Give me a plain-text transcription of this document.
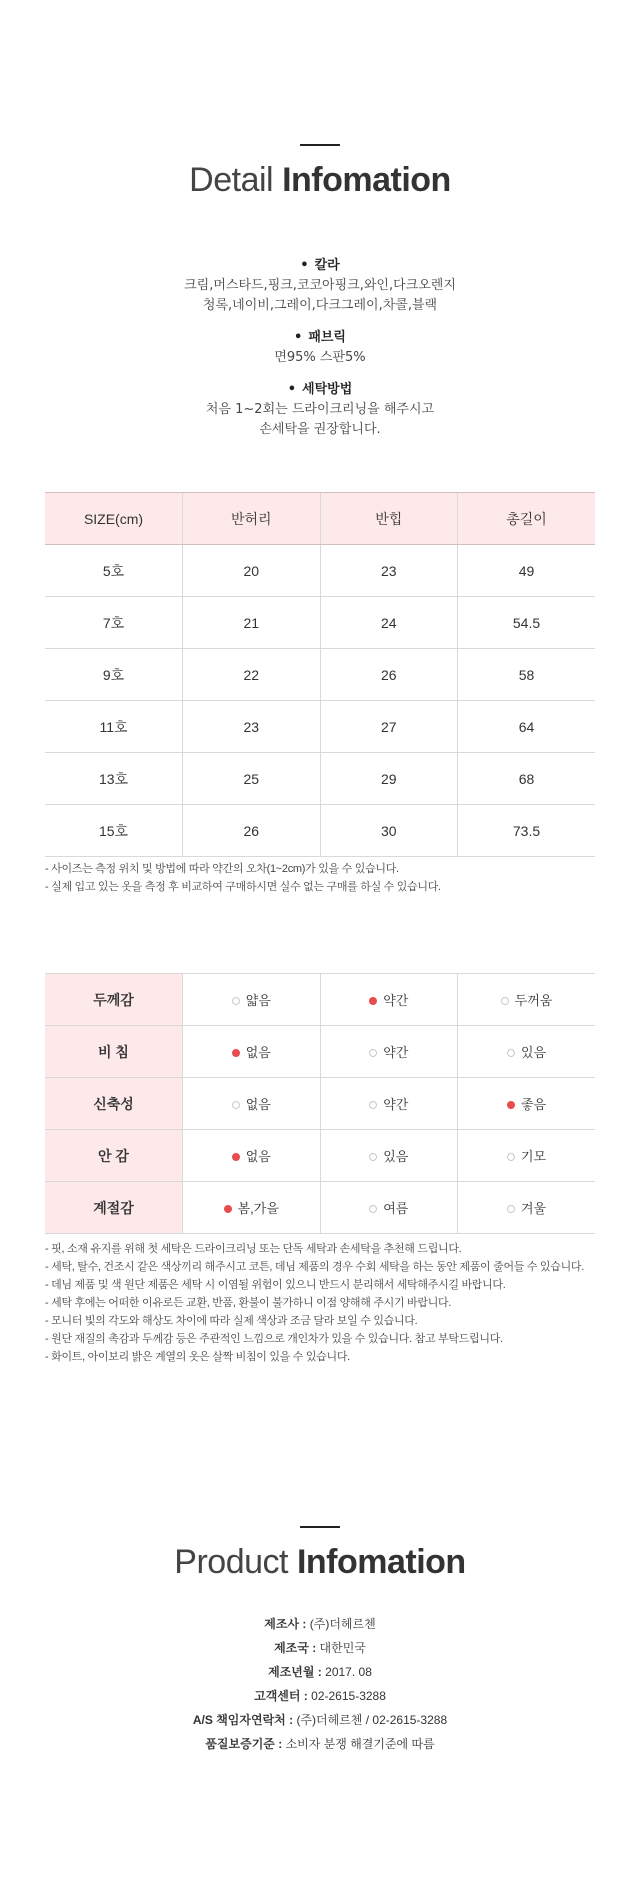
Detail Infomation
• 칼라
크림,머스타드,핑크,코코아핑크,와인,다크오렌지
청록,네이비,그레이,다크그레이,차콜,블랙
• 패브릭
면95% 스판5%
• 세탁방법
처음 1~2회는 드라이크리닝을 해주시고
손세탁을 권장합니다.
SIZE(cm)	반허리	반힙	총길이
5호	20	23	49
7호	21	24	54.5
9호	22	26	58
11호	23	27	64
13호	25	29	68
15호	26	30	73.5
- 사이즈는 측정 위치 및 방법에 따라 약간의 오차(1~2cm)가 있을 수 있습니다.
- 실제 입고 있는 옷을 측정 후 비교하여 구매하시면 실수 없는 구매를 하실 수 있습니다.
두께감	얇음	약간	두꺼움
비 침	없음	약간	있음
신축성	없음	약간	좋음
안 감	없음	있음	기모
계절감	봄,가을	여름	겨울
- 핏, 소재 유지를 위해 첫 세탁은 드라이크리닝 또는 단독 세탁과 손세탁을 추천해 드립니다.
- 세탁, 탈수, 건조시 같은 색상끼리 해주시고 코튼, 데님 제품의 경우 수회 세탁을 하는 동안 제품이 줄어들 수 있습니다.
- 데님 제품 및 색 원단 제품은 세탁 시 이염될 위험이 있으니 반드시 분리해서 세탁해주시길 바랍니다.
- 세탁 후에는 어떠한 이유로든 교환, 반품, 환불이 불가하니 이점 양해해 주시기 바랍니다.
- 모니터 빛의 각도와 해상도 차이에 따라 실제 색상과 조금 달라 보일 수 있습니다.
- 원단 재질의 촉감과 두께감 등은 주관적인 느낌으로 개인차가 있을 수 있습니다. 참고 부탁드립니다.
- 화이트, 아이보리 밝은 계열의 옷은 살짝 비침이 있을 수 있습니다.
Product Infomation
제조사 : (주)더헤르첸
제조국 : 대한민국
제조년월 : 2017. 08
고객센터 : 02-2615-3288
A/S 책임자연락처 : (주)더헤르첸 / 02-2615-3288
품질보증기준 : 소비자 분쟁 해결기준에 따름
